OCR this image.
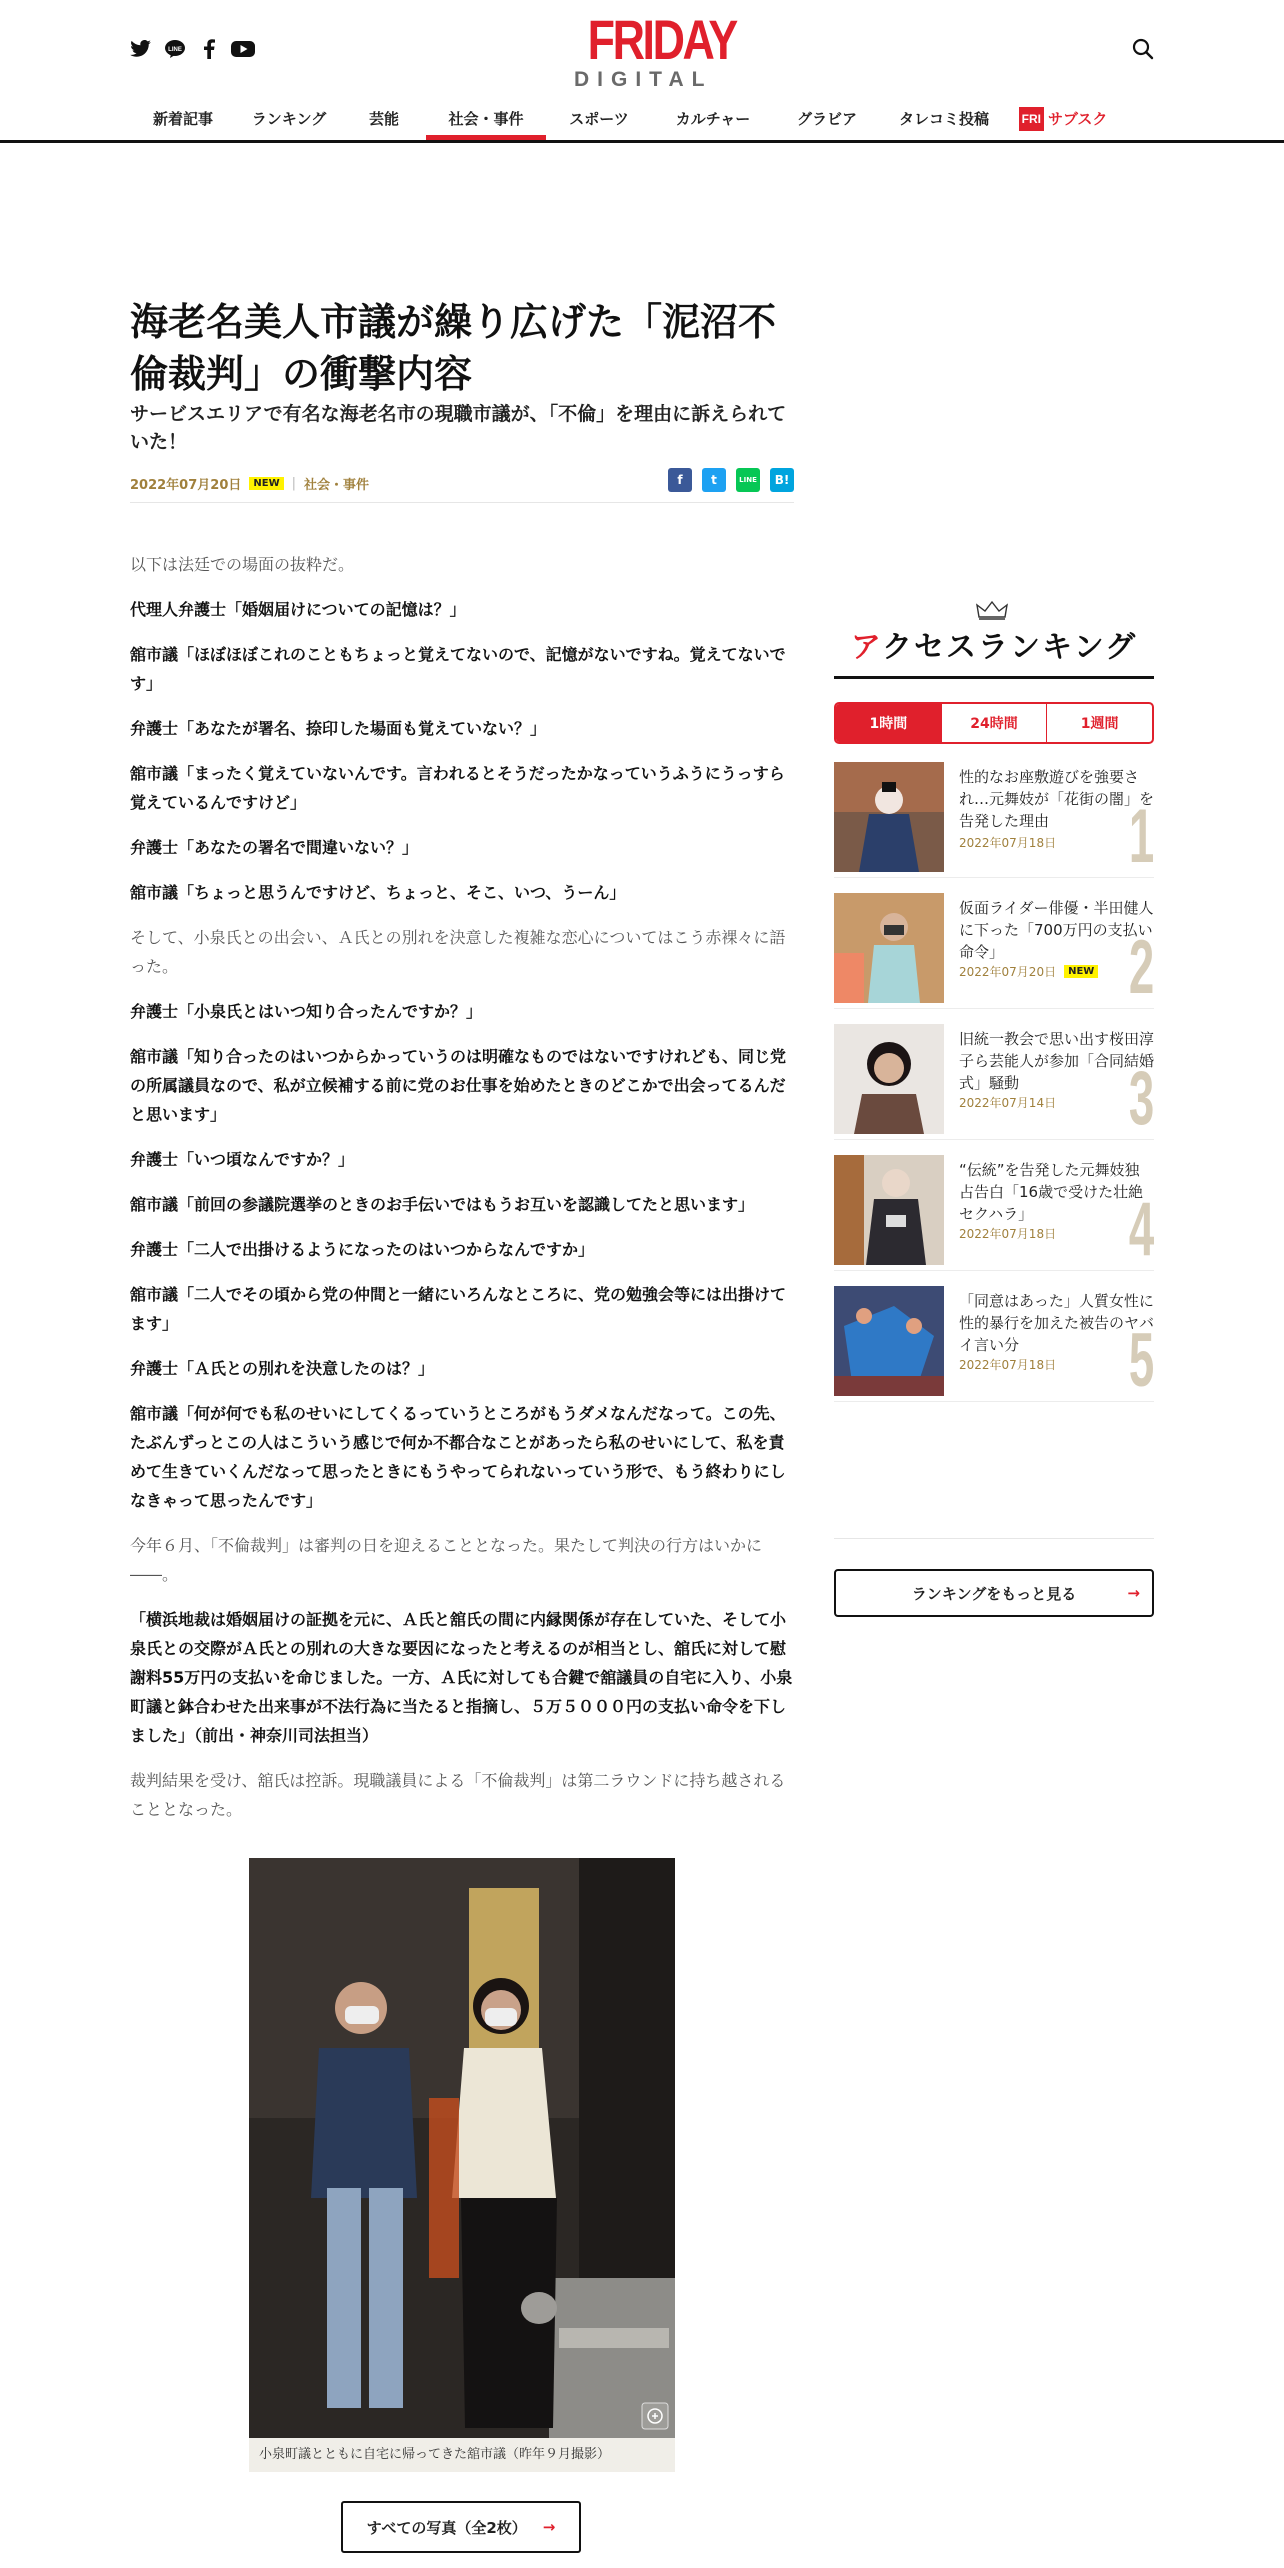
LINE	FRIDAY
DIGITAL
新着記事	ランキング	芸能	社会・事件	スポーツ	カルチャー	グラビア	タレコミ投稿	FRI サブスク
海老名美人市議が繰り広げた「泥沼不倫裁判」の衝撃内容

サービスエリアで有名な海老名市の現職市議が、「不倫」を理由に訴えられていた！

2022年07月20日	NEW | 社会・事件	f	t	LINE	B!

以下は法廷での場面の抜粋だ。

代理人弁護士「婚姻届けについての記憶は？」

舘市議「ほぼほぼこれのこともちょっと覚えてないので、記憶がないですね。覚えてないです」

弁護士「あなたが署名、捺印した場面も覚えていない？」

舘市議「まったく覚えていないんです。言われるとそうだったかなっていうふうにうっすら覚えているんですけど」

弁護士「あなたの署名で間違いない？」

舘市議「ちょっと思うんですけど、ちょっと、そこ、いつ、うーん」

そして、小泉氏との出会い、Ａ氏との別れを決意した複雑な恋心についてはこう赤裸々に語った。

弁護士「小泉氏とはいつ知り合ったんですか？」

舘市議「知り合ったのはいつからかっていうのは明確なものではないですけれども、同じ党の所属議員なので、私が立候補する前に党のお仕事を始めたときのどこかで出会ってるんだと思います」

弁護士「いつ頃なんですか？」

舘市議「前回の参議院選挙のときのお手伝いではもうお互いを認識してたと思います」

弁護士「二人で出掛けるようになったのはいつからなんですか」

舘市議「二人でその頃から党の仲間と一緒にいろんなところに、党の勉強会等には出掛けてます」

弁護士「Ａ氏との別れを決意したのは？」

舘市議「何が何でも私のせいにしてくるっていうところがもうダメなんだなって。この先、たぶんずっとこの人はこういう感じで何か不都合なことがあったら私のせいにして、私を責めて生きていくんだなって思ったときにもうやってられないっていう形で、もう終わりにしなきゃって思ったんです」

今年６月、「不倫裁判」は審判の日を迎えることとなった。果たして判決の行方はいかに――。

「横浜地裁は婚姻届けの証拠を元に、Ａ氏と舘氏の間に内縁関係が存在していた、そして小泉氏との交際がＡ氏との別れの大きな要因になったと考えるのが相当とし、舘氏に対して慰謝料55万円の支払いを命じました。一方、Ａ氏に対しても合鍵で舘議員の自宅に入り、小泉町議と鉢合わせた出来事が不法行為に当たると指摘し、５万５０００円の支払い命令を下しました」（前出・神奈川司法担当）

裁判結果を受け、舘氏は控訴。現職議員による「不倫裁判」は第二ラウンドに持ち越されることとなった。

小泉町議とともに自宅に帰ってきた舘市議（昨年９月撮影）
すべての写真（全2枚） →
アクセスランキング
1時間	24時間	1週間
性的なお座敷遊びを強要され…元舞妓が「花街の闇」を告発した理由
2022年07月18日 1
仮面ライダー俳優・半田健人に下った「700万円の支払い命令」
2022年07月20日	NEW 2
旧統一教会で思い出す桜田淳子ら芸能人が参加「合同結婚式」騒動
2022年07月14日 3
“伝統”を告発した元舞妓独占告白「16歳で受けた壮絶セクハラ」
2022年07月18日 4
「同意はあった」人質女性に性的暴行を加えた被告のヤバイ言い分
2022年07月18日 5
ランキングをもっと見る	→
